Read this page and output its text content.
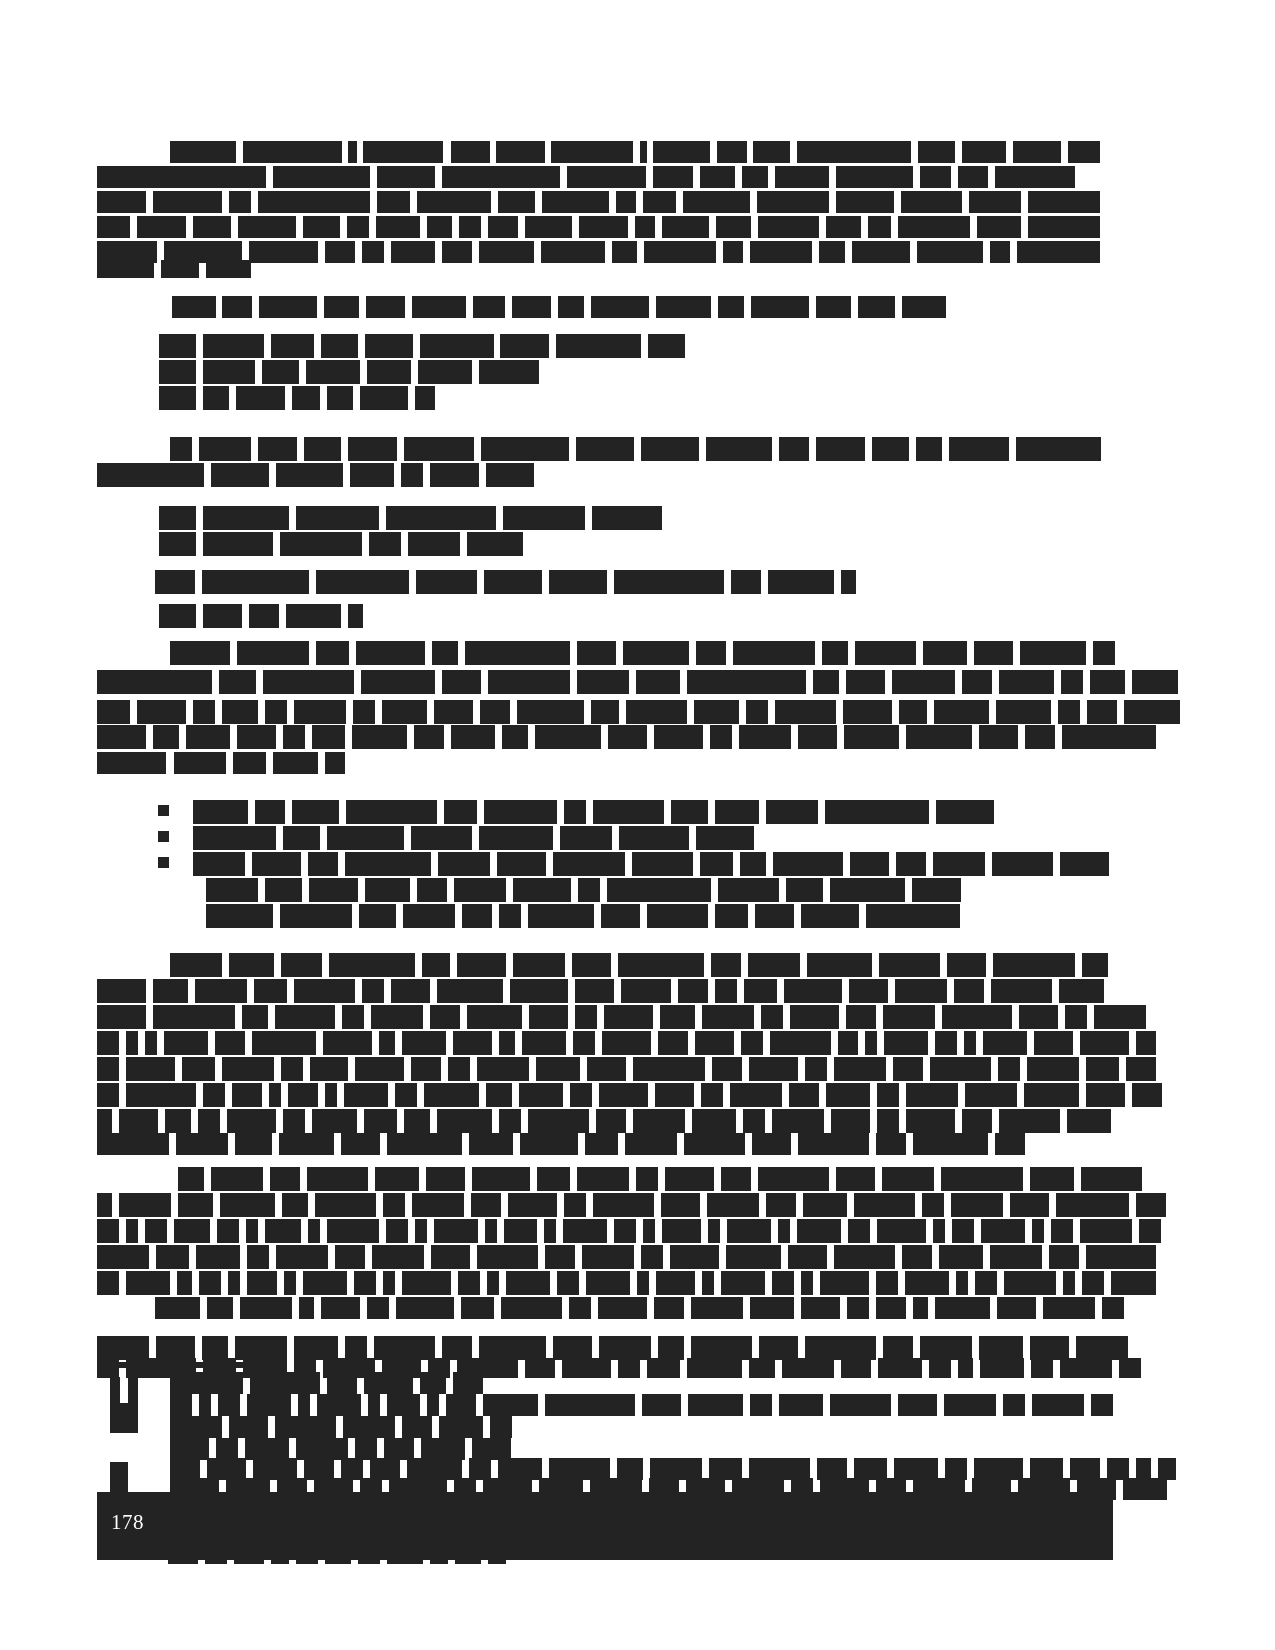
178
